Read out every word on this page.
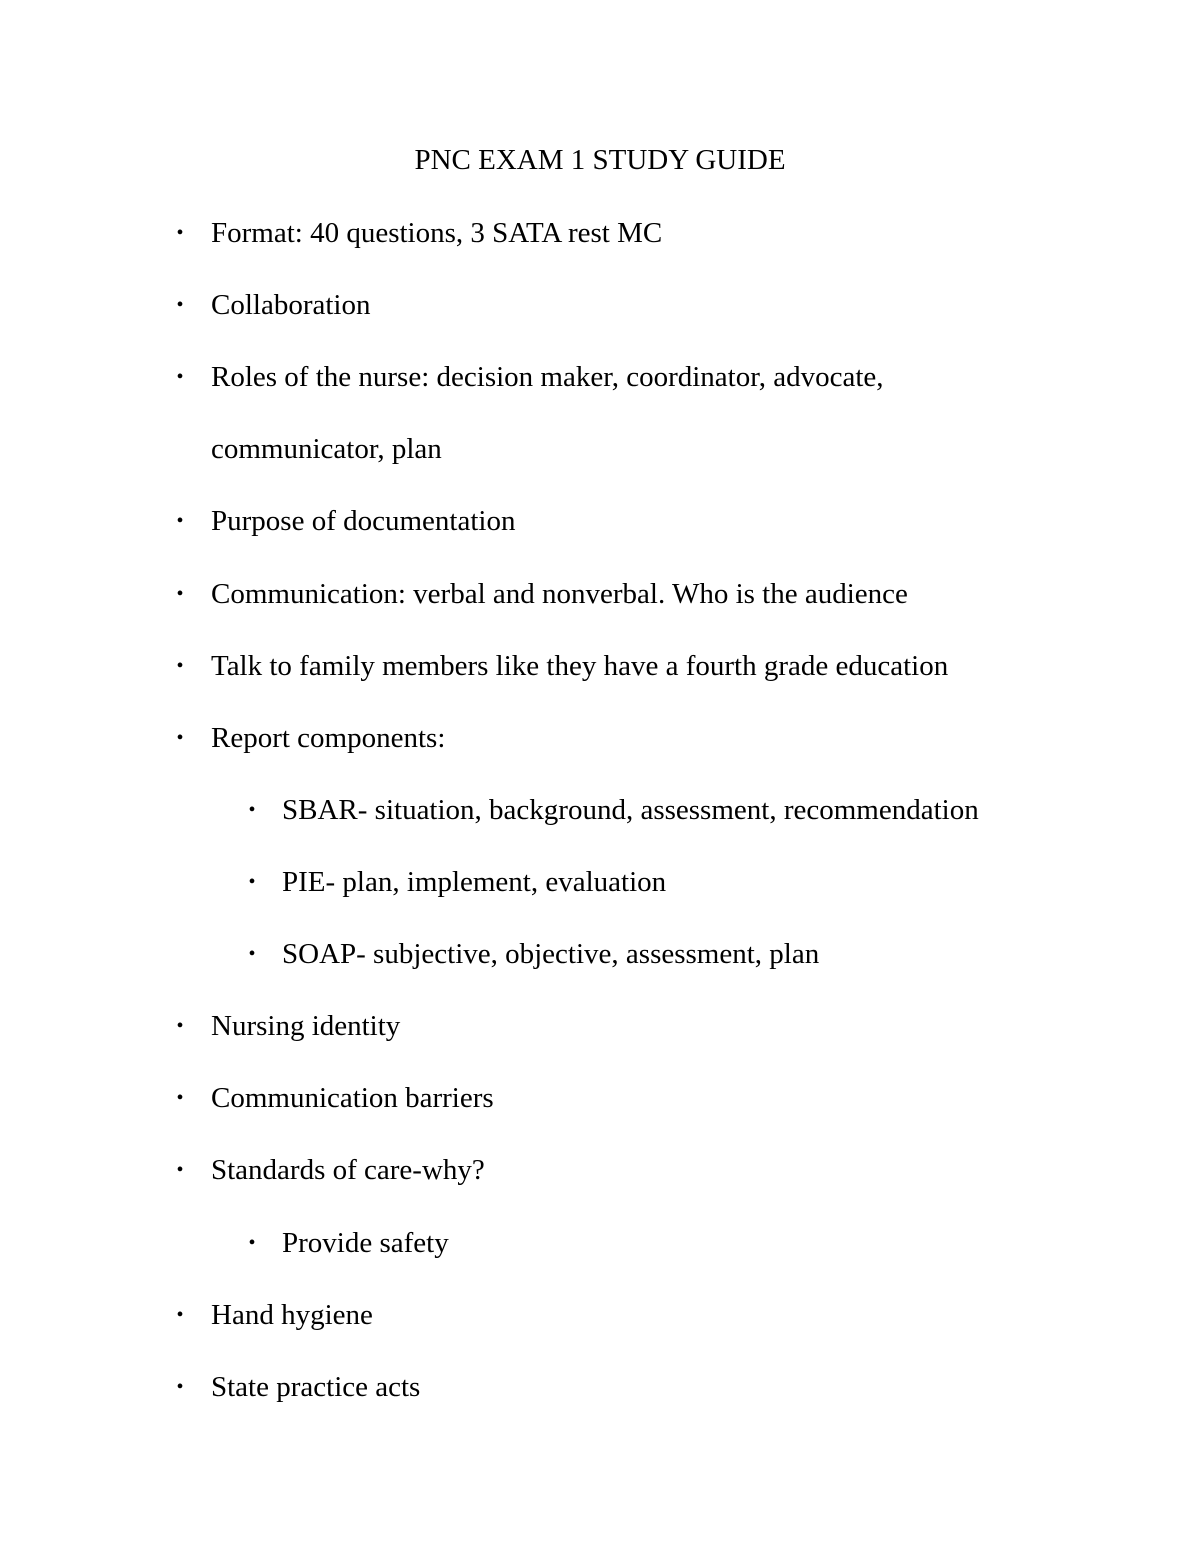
PNC EXAM 1 STUDY GUIDE
• Format: 40 questions, 3 SATA rest MC
• Collaboration
• Roles of the nurse: decision maker, coordinator, advocate,
communicator, plan
• Purpose of documentation
• Communication: verbal and nonverbal. Who is the audience
• Talk to family members like they have a fourth grade education
• Report components:
• SBAR- situation, background, assessment, recommendation
• PIE- plan, implement, evaluation
• SOAP- subjective, objective, assessment, plan
• Nursing identity
• Communication barriers
• Standards of care-why?
• Provide safety
• Hand hygiene
• State practice acts
